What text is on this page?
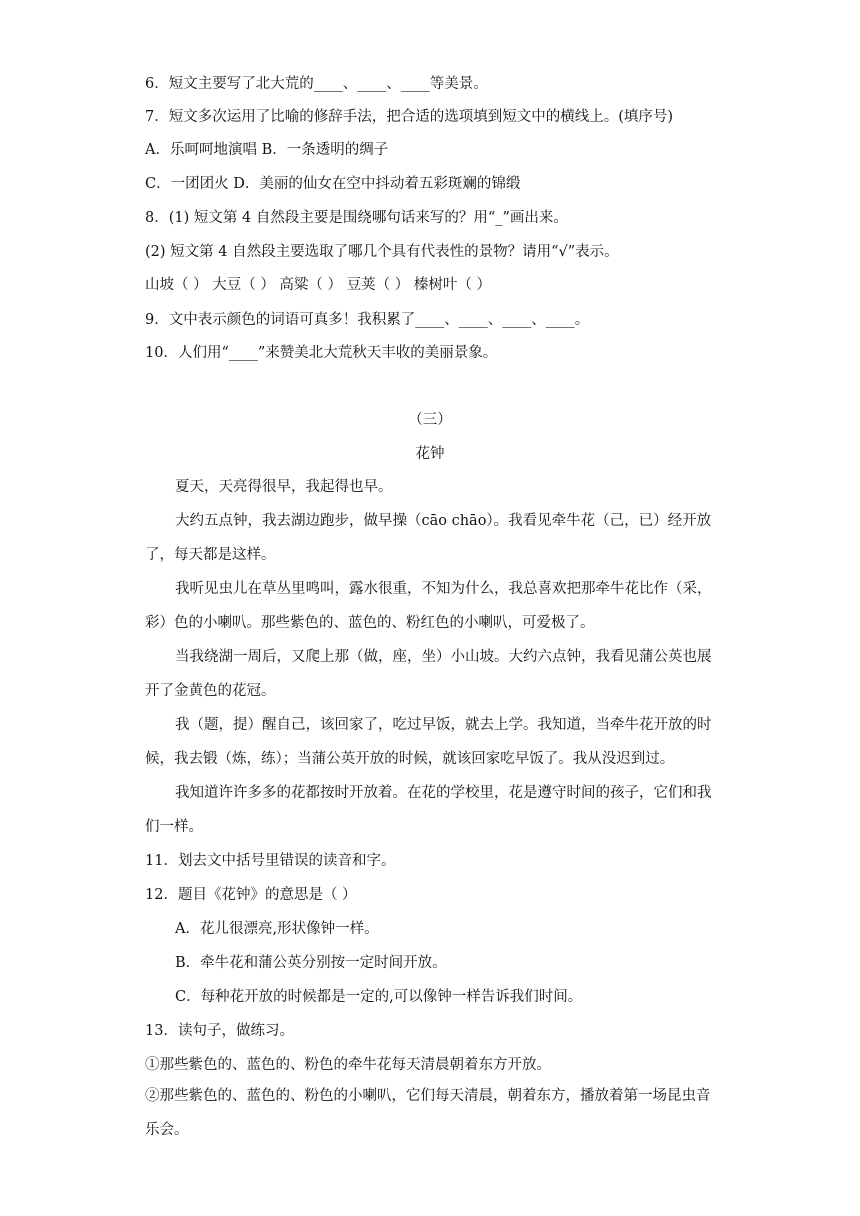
6．短文主要写了北大荒的____、____、____等美景。
7．短文多次运用了比喻的修辞手法，把合适的选项填到短文中的横线上。(填序号)
A．乐呵呵地演唱 B．一条透明的绸子
C．一团团火 D．美丽的仙女在空中抖动着五彩斑斓的锦缎
8．(1) 短文第 4 自然段主要是围绕哪句话来写的？用“_”画出来。
(2) 短文第 4 自然段主要选取了哪几个具有代表性的景物？请用“√”表示。
山坡（ ） 大豆（ ） 高粱（ ） 豆荚（ ） 榛树叶（ ）
9．文中表示颜色的词语可真多！我积累了____、____、____、____。
10．人们用“____”来赞美北大荒秋天丰收的美丽景象。
（三）
花钟
夏天，天亮得很早，我起得也早。
大约五点钟，我去湖边跑步，做早操（cāo chāo）。我看见牵牛花（己，已）经开放了，每天都是这样。
我听见虫儿在草丛里鸣叫，露水很重，不知为什么，我总喜欢把那牵牛花比作（采，彩）色的小喇叭。那些紫色的、蓝色的、粉红色的小喇叭，可爱极了。
当我绕湖一周后，又爬上那（做，座，坐）小山坡。大约六点钟，我看见蒲公英也展开了金黄色的花冠。
我（题，提）醒自己，该回家了，吃过早饭，就去上学。我知道，当牵牛花开放的时候，我去锻（炼，练）；当蒲公英开放的时候，就该回家吃早饭了。我从没迟到过。
我知道许许多多的花都按时开放着。在花的学校里，花是遵守时间的孩子，它们和我们一样。
11．划去文中括号里错误的读音和字。
12．题目《花钟》的意思是（ ）
A．花儿很漂亮,形状像钟一样。
B．牵牛花和蒲公英分别按一定时间开放。
C．每种花开放的时候都是一定的,可以像钟一样告诉我们时间。
13．读句子，做练习。
①那些紫色的、蓝色的、粉色的牵牛花每天清晨朝着东方开放。
②那些紫色的、蓝色的、粉色的小喇叭，它们每天清晨，朝着东方，播放着第一场昆虫音乐会。
